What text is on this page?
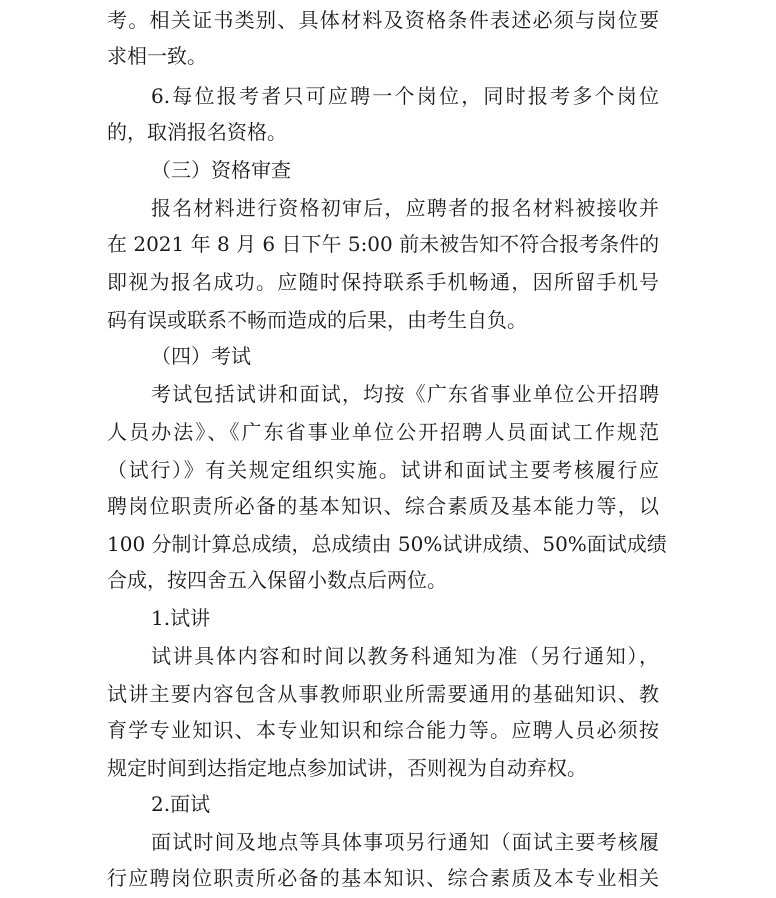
考。相关证书类别、具体材料及资格条件表述必须与岗位要
求相一致。
6.每位报考者只可应聘一个岗位，同时报考多个岗位
的，取消报名资格。
（三）资格审查
报名材料进行资格初审后，应聘者的报名材料被接收并
在 2021 年 8 月 6 日下午 5:00 前未被告知不符合报考条件的
即视为报名成功。应随时保持联系手机畅通，因所留手机号
码有误或联系不畅而造成的后果，由考生自负。
（四）考试
考试包括试讲和面试，均按《广东省事业单位公开招聘
人员办法》、《广东省事业单位公开招聘人员面试工作规范
（试行）》有关规定组织实施。试讲和面试主要考核履行应
聘岗位职责所必备的基本知识、综合素质及基本能力等，以
100 分制计算总成绩，总成绩由 50%试讲成绩、50%面试成绩
合成，按四舍五入保留小数点后两位。
1.试讲
试讲具体内容和时间以教务科通知为准（另行通知），
试讲主要内容包含从事教师职业所需要通用的基础知识、教
育学专业知识、本专业知识和综合能力等。应聘人员必须按
规定时间到达指定地点参加试讲，否则视为自动弃权。
2.面试
面试时间及地点等具体事项另行通知（面试主要考核履
行应聘岗位职责所必备的基本知识、综合素质及本专业相关
